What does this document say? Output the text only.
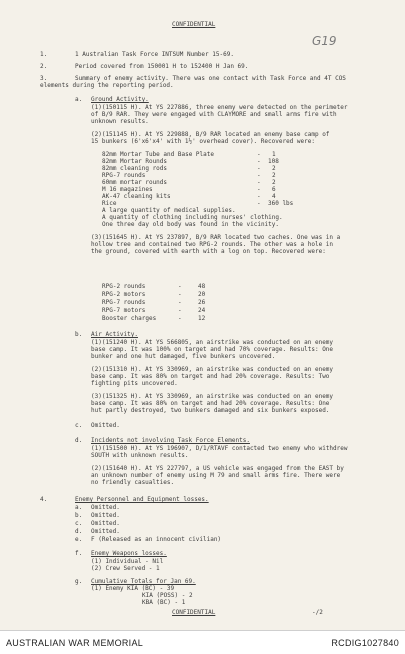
CONFIDENTIAL
G19
1.	1 Australian Task Force INTSUM Number 15-69.
2.	Period covered from 150001 H to 152400 H Jan 69.
3.	Summary of enemy activity. There was one contact with Task Force and 4T COS
elements during the reporting period.
a. Ground Activity.
(1)(150115 H). At YS 227886, three enemy were detected on the perimeter
of B/9 RAR. They were engaged with CLAYMORE and small arms fire with
unknown results.
(2)(151145 H). At YS 229888, B/9 RAR located an enemy base camp of
15 bunkers (6'x6'x4' with 1½' overhead cover). Recovered were:
82mm Mortar Tube and Base Plate	- 1
82mm Mortar Rounds	- 108
82mm cleaning rods	- 2
RPG-7 rounds	- 2
60mm mortar rounds	- 2
M 16 magazines	- 6
AK-47 cleaning kits	- 4
Rice	- 360 lbs
A large quantity of medical supplies.
A quantity of clothing including nurses' clothing.
One three day old body was found in the vicinity.
(3)(151645 H). At YS 237897, B/9 RAR located two caches. One was in a
hollow tree and contained two RPG-2 rounds. The other was a hole in
the ground, covered with earth with a log on top. Recovered were:
RPG-2 rounds	-	48
RPG-2 motors	-	20
RPG-7 rounds	-	26
RPG-7 motors	-	24
Booster charges	-	12
b. Air Activity.
(1)(151240 H). At YS 566805, an airstrike was conducted on an enemy
base camp. It was 100% on target and had 70% coverage. Results: One
bunker and one hut damaged, five bunkers uncovered.
(2)(151310 H). At YS 330969, an airstrike was conducted on an enemy
base camp. It was 80% on target and had 20% coverage. Results: Two
fighting pits uncovered.
(3)(151325 H). At YS 330969, an airstrike was conducted on an enemy
base camp. It was 80% on target and had 20% coverage. Results: One
hut partly destroyed, two bunkers damaged and six bunkers exposed.
c. Omitted.
d. Incidents not involving Task Force Elements.
(1)(151500 H). At YS 196907, D/1/RTAVF contacted two enemy who withdrew
SOUTH with unknown results.
(2)(151640 H). At YS 227797, a US vehicle was engaged from the EAST by
an unknown number of enemy using M 79 and small arms fire. There were
no friendly casualties.
4.	Enemy Personnel and Equipment losses.
a. Omitted.
b. Omitted.
c. Omitted.
d. Omitted.
e. F (Released as an innocent civilian)
f. Enemy Weapons losses.
(1) Individual - Nil
(2) Crew Served - 1
g. Cumulative Totals for Jan 69.
(1) Enemy KIA (BC) - 39
KIA (POSS) - 2
KBA (BC) - 1
CONFIDENTIAL	-/2
AUSTRALIAN WAR MEMORIAL	RCDIG1027840
